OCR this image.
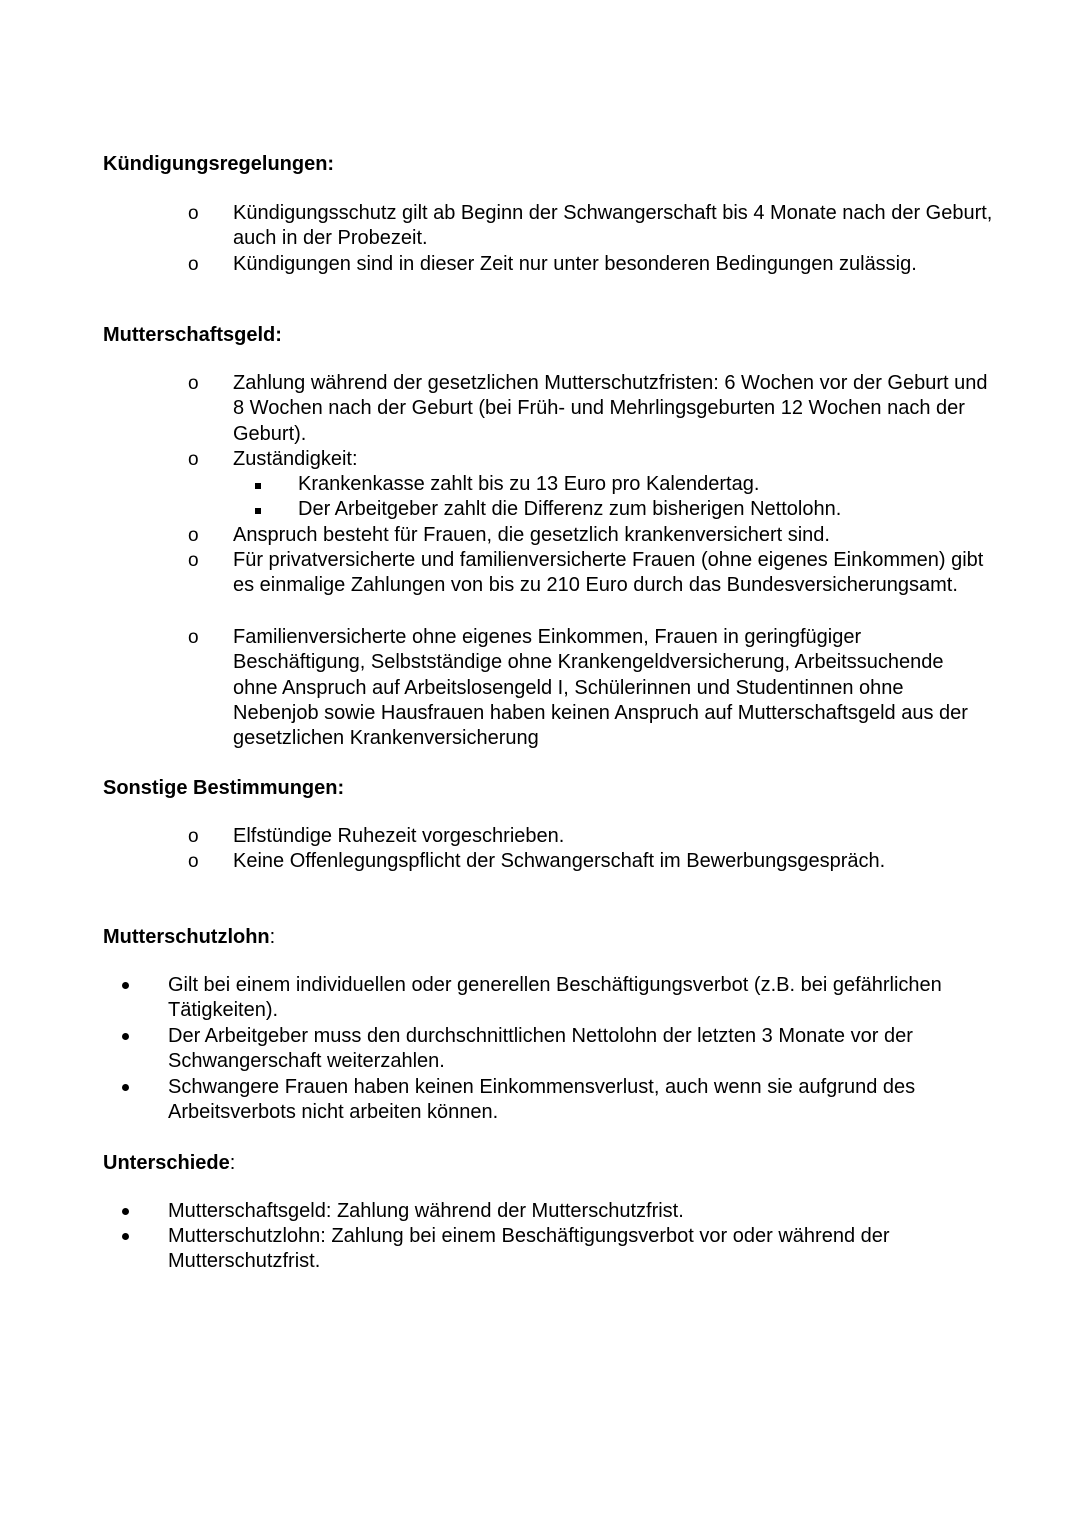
Kündigungsregelungen:
o Kündigungsschutz gilt ab Beginn der Schwangerschaft bis 4 Monate nach der Geburt, auch in der Probezeit.
o Kündigungen sind in dieser Zeit nur unter besonderen Bedingungen zulässig.
Mutterschaftsgeld:
o Zahlung während der gesetzlichen Mutterschutzfristen: 6 Wochen vor der Geburt und 8 Wochen nach der Geburt (bei Früh- und Mehrlingsgeburten 12 Wochen nach der Geburt).
o Zuständigkeit:
Krankenkasse zahlt bis zu 13 Euro pro Kalendertag.
Der Arbeitgeber zahlt die Differenz zum bisherigen Nettolohn.
o Anspruch besteht für Frauen, die gesetzlich krankenversichert sind.
o Für privatversicherte und familienversicherte Frauen (ohne eigenes Einkommen) gibt es einmalige Zahlungen von bis zu 210 Euro durch das Bundesversicherungsamt.
o Familienversicherte ohne eigenes Einkommen, Frauen in geringfügiger Beschäftigung, Selbstständige ohne Krankengeldversicherung, Arbeitssuchende ohne Anspruch auf Arbeitslosengeld I, Schülerinnen und Studentinnen ohne Nebenjob sowie Hausfrauen haben keinen Anspruch auf Mutterschaftsgeld aus der gesetzlichen Krankenversicherung
Sonstige Bestimmungen:
o Elfstündige Ruhezeit vorgeschrieben.
o Keine Offenlegungspflicht der Schwangerschaft im Bewerbungsgespräch.
Mutterschutzlohn:
Gilt bei einem individuellen oder generellen Beschäftigungsverbot (z.B. bei gefährlichen Tätigkeiten).
Der Arbeitgeber muss den durchschnittlichen Nettolohn der letzten 3 Monate vor der Schwangerschaft weiterzahlen.
Schwangere Frauen haben keinen Einkommensverlust, auch wenn sie aufgrund des Arbeitsverbots nicht arbeiten können.
Unterschiede:
Mutterschaftsgeld: Zahlung während der Mutterschutzfrist.
Mutterschutzlohn: Zahlung bei einem Beschäftigungsverbot vor oder während der Mutterschutzfrist.
